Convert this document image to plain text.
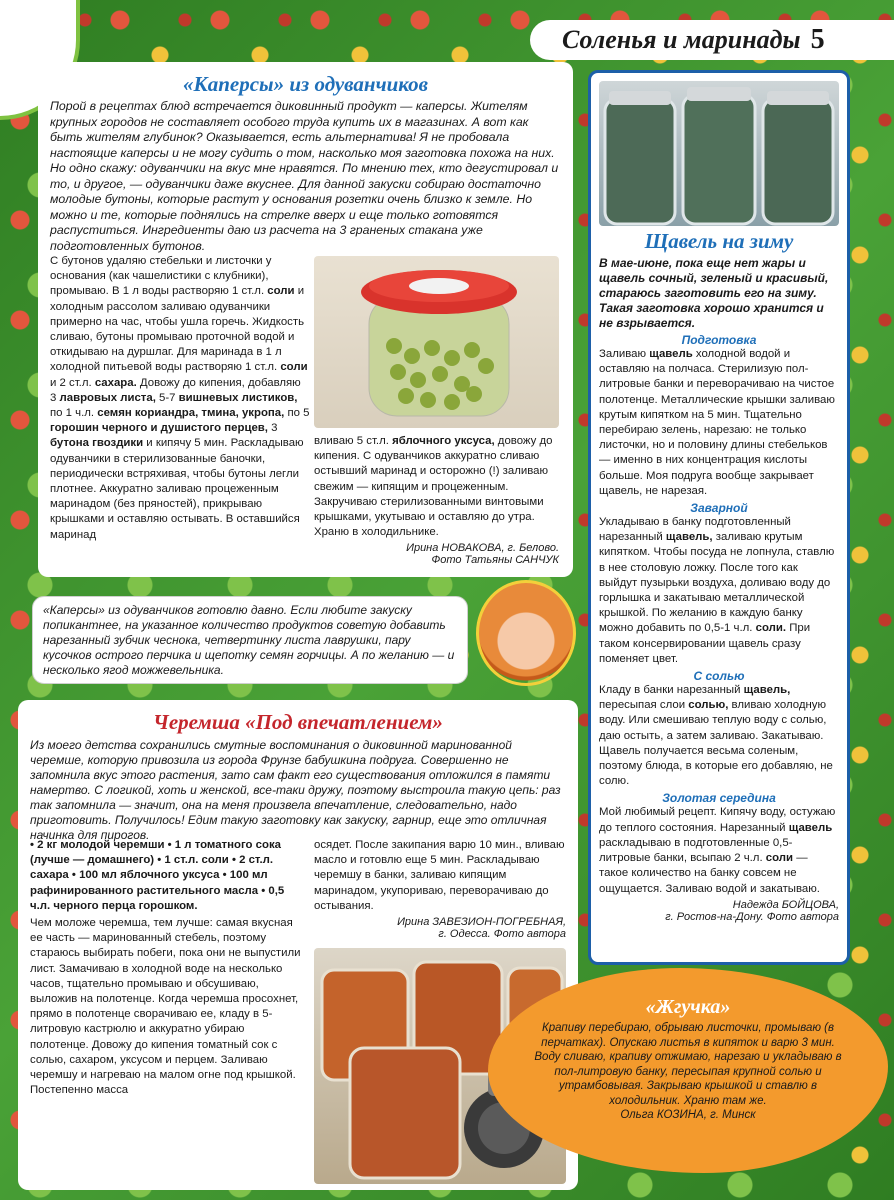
Соленья и маринады 5
«Каперсы» из одуванчиков

Порой в рецептах блюд встречается диковинный продукт — каперсы. Жителям крупных городов не составляет особого труда купить их в магазинах. А вот как быть жителям глубинок? Оказывается, есть альтернатива! Я не пробовала настоящие каперсы и не могу судить о том, насколько моя заготовка похожа на них. Но одно скажу: одуванчики на вкус мне нравятся. По мнению тех, кто дегустировал и то, и другое, — одуванчики даже вкуснее. Для данной закуски собираю достаточно молодые бутоны, которые растут у основания розетки очень близко к земле. Но можно и те, которые поднялись на стрелке вверх и еще только готовятся распуститься. Ингредиенты даю из расчета на 3 граненых стакана уже подготовленных бутонов.

С бутонов удаляю стебельки и листочки у основания (как чашелистики с клубники), промываю. В 1 л воды растворяю 1 ст.л. соли и холодным рассолом заливаю одуванчики примерно на час, чтобы ушла горечь. Жидкость сливаю, бутоны промываю проточной водой и откидываю на дуршлаг. Для маринада в 1 л холодной питьевой воды растворяю 1 ст.л. соли и 2 ст.л. сахара. Довожу до кипения, добавляю 3 лавровых листа, 5-7 вишневых листиков, по 1 ч.л. семян кориандра, тмина, укропа, по 5 горошин черного и душистого перцев, 3 бутона гвоздики и кипячу 5 мин. Раскладываю одуванчики в стерилизованные баночки, периодически встряхивая, чтобы бутоны легли плотнее. Аккуратно заливаю процеженным маринадом (без пряностей), прикрываю крышками и оставляю остывать. В оставшийся маринад

вливаю 5 ст.л. яблочного уксуса, довожу до кипения. С одуванчиков аккуратно сливаю остывший маринад и осторожно (!) заливаю свежим — кипящим и процеженным. Закручиваю стерилизованными винтовыми крышками, укутываю и оставляю до утра. Храню в холодильнике.

Ирина НОВАКОВА, г. Белово.

Фото Татьяны САНЧУК

«Каперсы» из одуванчиков готовлю давно. Если любите закуску попикантнее, на указанное количество продуктов советую добавить нарезанный зубчик чеснока, четвертинку листа лаврушки, пару кусочков острого перчика и щепотку семян горчицы. А по желанию — и несколько ягод можжевельника.

Щавель на зиму

В мае-июне, пока еще нет жары и щавель сочный, зеленый и красивый, стараюсь заготовить его на зиму. Такая заготовка хорошо хранится и не взрывается.

Подготовка

Заливаю щавель холодной водой и оставляю на полчаса. Стерилизую пол-литровые банки и переворачиваю на чистое полотенце. Металлические крышки заливаю крутым кипятком на 5 мин. Тщательно перебираю зелень, нарезаю: не только листочки, но и половину длины стебельков — именно в них концентрация кислоты больше. Моя подруга вообще закрывает щавель, не нарезая.

Заварной

Укладываю в банку подготовленный нарезанный щавель, заливаю крутым кипятком. Чтобы посуда не лопнула, ставлю в нее столовую ложку. После того как выйдут пузырьки воздуха, доливаю воду до горлышка и закатываю металлической крышкой. По желанию в каждую банку можно добавить по 0,5-1 ч.л. соли. При таком консервировании щавель сразу поменяет цвет.

С солью

Кладу в банки нарезанный щавель, пересыпая слои солью, вливаю холодную воду. Или смешиваю теплую воду с солью, даю остыть, а затем заливаю. Закатываю. Щавель получается весьма соленым, поэтому блюда, в которые его добавляю, не солю.

Золотая середина

Мой любимый рецепт. Кипячу воду, остужаю до теплого состояния. Нарезанный щавель раскладываю в подготовленные 0,5-литровые банки, всыпаю 2 ч.л. соли — такое количество на банку совсем не ощущается. Заливаю водой и закатываю.

Надежда БОЙЦОВА,

г. Ростов-на-Дону. Фото автора

Черемша «Под впечатлением»

Из моего детства сохранились смутные воспоминания о диковинной маринованной черемше, которую привозила из города Фрунзе бабушкина подруга. Совершенно не запомнила вкус этого растения, зато сам факт его существования отложился в памяти намертво. С логикой, хоть и женской, все-таки дружу, поэтому выстроила такую цепь: раз так запомнила — значит, она на меня произвела впечатление, следовательно, надо приготовить. Получилось! Едим такую заготовку как закуску, гарнир, еще это отличная начинка для пирогов.

• 2 кг молодой черемши • 1 л томатного сока (лучше — домашнего) • 1 ст.л. соли • 2 ст.л. сахара • 100 мл яблочного уксуса • 100 мл рафинированного растительного масла • 0,5 ч.л. черного перца горошком.

Чем моложе черемша, тем лучше: самая вкусная ее часть — маринованный стебель, поэтому стараюсь выбирать побеги, пока они не выпустили лист. Замачиваю в холодной воде на несколько часов, тщательно промываю и обсушиваю, выложив на полотенце. Когда черемша просохнет, прямо в полотенце сворачиваю ее, кладу в 5-литровую кастрюлю и аккуратно убираю полотенце. Довожу до кипения томатный сок с солью, сахаром, уксусом и перцем. Заливаю черемшу и нагреваю на малом огне под крышкой. Постепенно масса

осядет. После закипания варю 10 мин., вливаю масло и готовлю еще 5 мин. Раскладываю черемшу в банки, заливаю кипящим маринадом, укупориваю, переворачиваю до остывания.

Ирина ЗАВЕЗИОН-ПОГРЕБНАЯ,

г. Одесса. Фото автора

«Жгучка»

Крапиву перебираю, обрываю листочки, промываю (в перчатках). Опускаю листья в кипяток и варю 3 мин. Воду сливаю, крапиву отжимаю, нарезаю и укладываю в пол-литровую банку, пересыпая крупной солью и утрамбовывая. Закрываю крышкой и ставлю в холодильник. Храню там же.

Ольга КОЗИНА, г. Минск
